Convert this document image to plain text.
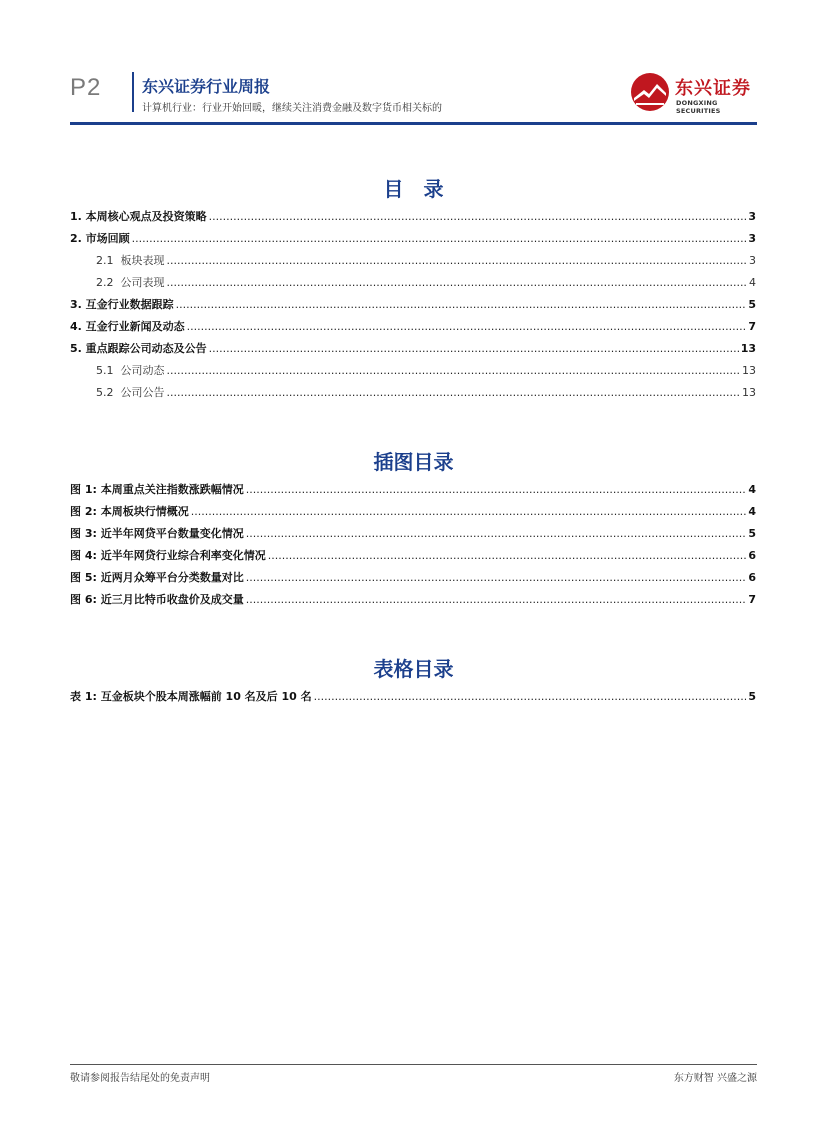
P2	东兴证券行业周报
计算机行业：行业开始回暖，继续关注消费金融及数字货币相关标的
东兴证券
DONGXING SECURITIES
目　录
1. 本周核心观点及投资策略 .....	3
2. 市场回顾 .....	3
2.1 板块表现 .....	3
2.2 公司表现 .....	4
3. 互金行业数据跟踪 .....	5
4. 互金行业新闻及动态 .....	7
5. 重点跟踪公司动态及公告 .....	13
5.1 公司动态 .....	13
5.2 公司公告 .....	13
插图目录
图 1: 本周重点关注指数涨跌幅情况 .....	4
图 2: 本周板块行情概况 .....	4
图 3: 近半年网贷平台数量变化情况 .....	5
图 4: 近半年网贷行业综合利率变化情况 .....	6
图 5: 近两月众筹平台分类数量对比 .....	6
图 6: 近三月比特币收盘价及成交量 .....	7
表格目录
表 1: 互金板块个股本周涨幅前 10 名及后 10 名 .....	5
敬请参阅报告结尾处的免责声明	东方财智 兴盛之源
